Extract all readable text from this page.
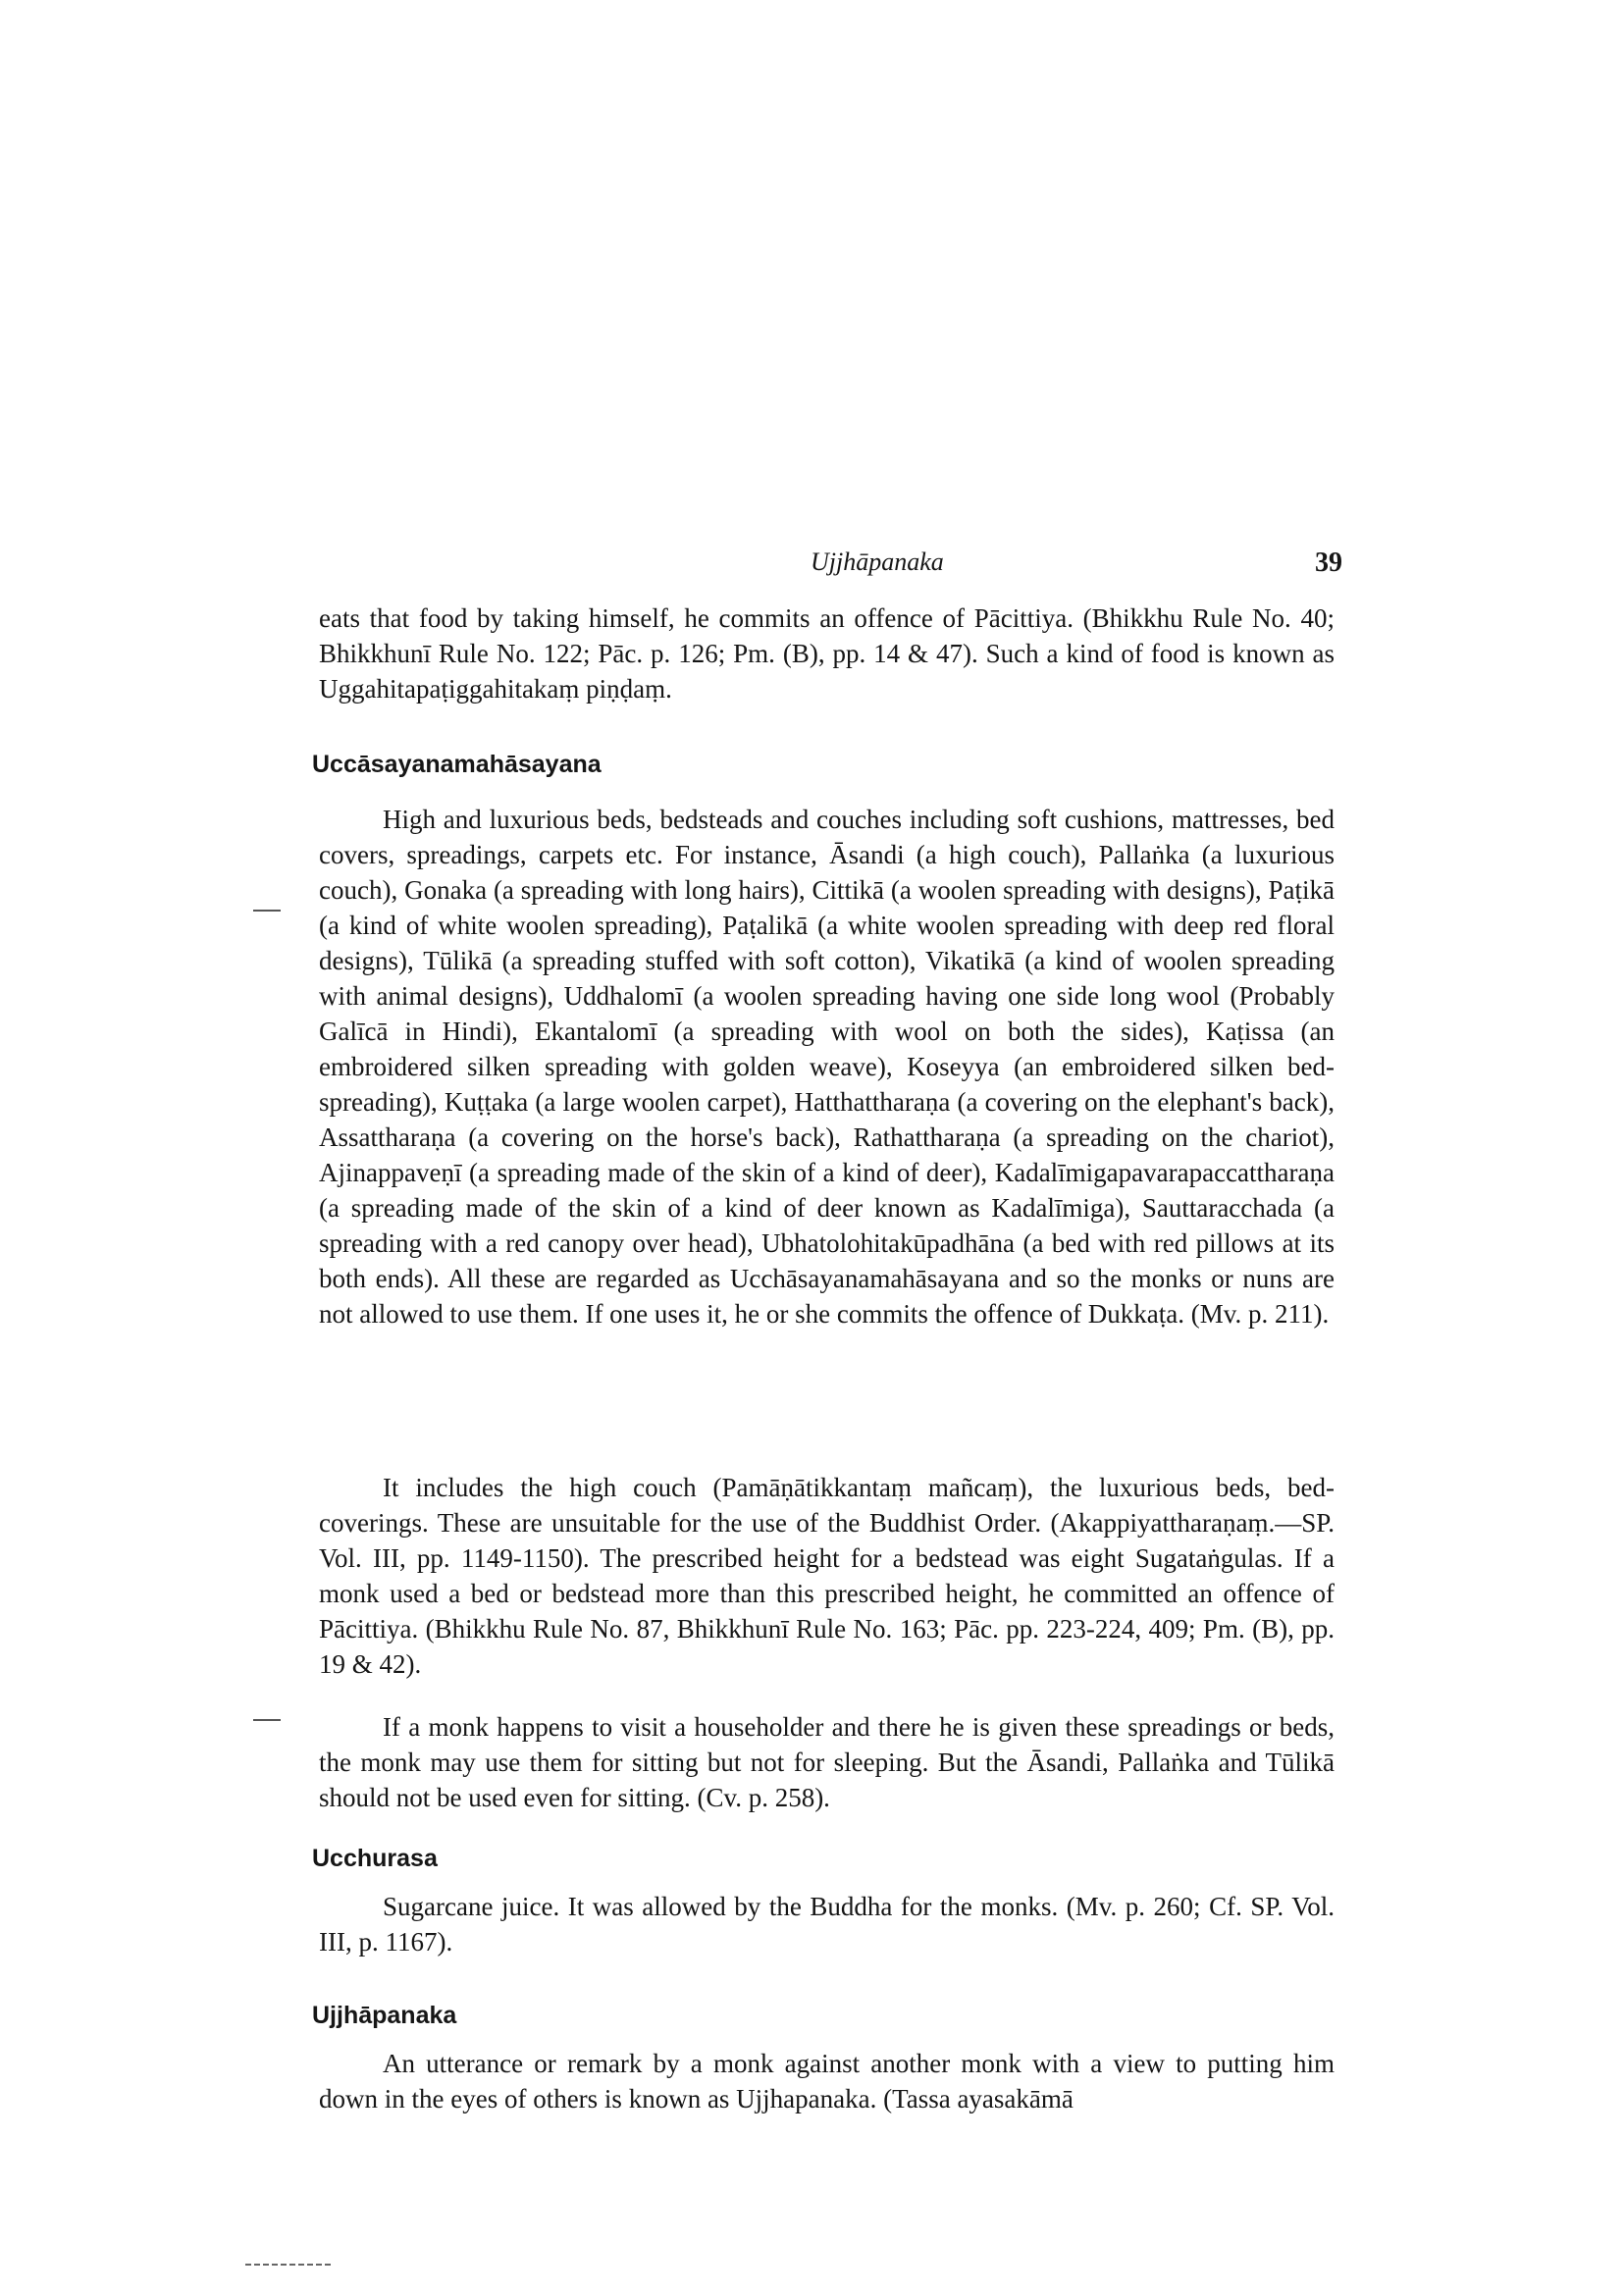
Ujjhāpanaka	39

eats that food by taking himself, he commits an offence of Pācittiya. (Bhikkhu Rule No. 40; Bhikkhunī Rule No. 122; Pāc. p. 126; Pm. (B), pp. 14 & 47). Such a kind of food is known as Uggahitapaṭiggahitakaṃ piṇḍaṃ.

Uccāsayanamahāsayana

High and luxurious beds, bedsteads and couches including soft cushions, mattresses, bed covers, spreadings, carpets etc. For instance, Āsandi (a high couch), Pallaṅka (a luxurious couch), Gonaka (a spreading with long hairs), Cittikā (a woolen spreading with designs), Paṭikā (a kind of white woolen spreading), Paṭalikā (a white woolen spreading with deep red floral designs), Tūlikā (a spreading stuffed with soft cotton), Vikatikā (a kind of woolen spreading with animal designs), Uddhalomī (a woolen spreading having one side long wool (Probably Galīcā in Hindi), Ekantalomī (a spreading with wool on both the sides), Kaṭissa (an embroidered silken spreading with golden weave), Koseyya (an embroidered silken bed-spreading), Kuṭṭaka (a large woolen carpet), Hatthattharaṇa (a covering on the elephant's back), Assattharaṇa (a covering on the horse's back), Rathattharaṇa (a spreading on the chariot), Ajinappaveṇī (a spreading made of the skin of a kind of deer), Kadalīmigapavarapaccattharaṇa (a spreading made of the skin of a kind of deer known as Kadalīmiga), Sauttaracchada (a spreading with a red canopy over head), Ubhatolohitakūpadhāna (a bed with red pillows at its both ends). All these are regarded as Ucchāsayanamahāsayana and so the monks or nuns are not allowed to use them. If one uses it, he or she commits the offence of Dukkaṭa. (Mv. p. 211).

It includes the high couch (Pamāṇātikkantaṃ mañcaṃ), the luxurious beds, bed-coverings. These are unsuitable for the use of the Buddhist Order. (Akappiyattharaṇaṃ.—SP. Vol. III, pp. 1149-1150). The prescribed height for a bedstead was eight Sugataṅgulas. If a monk used a bed or bedstead more than this prescribed height, he committed an offence of Pācittiya. (Bhikkhu Rule No. 87, Bhikkhunī Rule No. 163; Pāc. pp. 223-224, 409; Pm. (B), pp. 19 & 42).

If a monk happens to visit a householder and there he is given these spreadings or beds, the monk may use them for sitting but not for sleeping. But the Āsandi, Pallaṅka and Tūlikā should not be used even for sitting. (Cv. p. 258).

Ucchurasa

Sugarcane juice. It was allowed by the Buddha for the monks. (Mv. p. 260; Cf. SP. Vol. III, p. 1167).

Ujjhāpanaka

An utterance or remark by a monk against another monk with a view to putting him down in the eyes of others is known as Ujjhapanaka. (Tassa ayasakāmā
